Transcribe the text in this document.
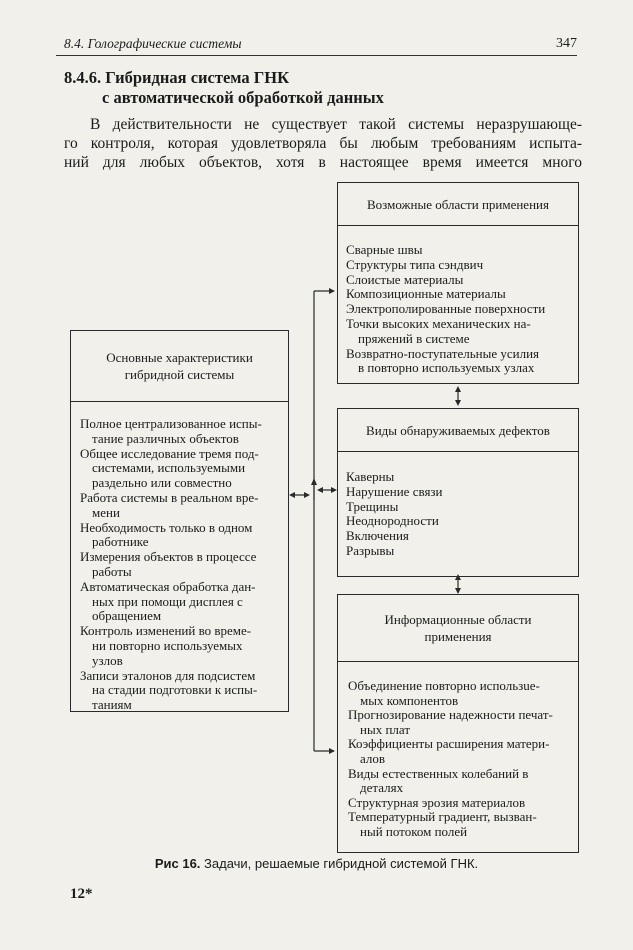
8.4. Голографические системы	347
8.4.6. Гибридная система ГНК
с автоматической обработкой данных
В действительности не существует такой системы неразрушающе-
го контроля, которая удовлетворяла бы любым требованиям испыта-
ний для любых объектов, хотя в настоящее время имеется много
Основные характеристики
гибридной системы
Полное централизованное испы-
тание различных объектов
Общее исследование тремя под-
системами, используемыми
раздельно или совместно
Работа системы в реальном вре-
мени
Необходимость только в одном
работнике
Измерения объектов в процессе
работы
Автоматическая обработка дан-
ных при помощи дисплея с
обращением
Контроль изменений во време-
ни повторно используемых
узлов
Записи эталонов для подсистем
на стадии подготовки к испы-
таниям
Возможные области применения
Сварные швы
Структуры типа сэндвич
Слоистые материалы
Композиционные материалы
Электрополированные поверхности
Точки высоких механических на-
пряжений в системе
Возвратно-поступательные усилия
в повторно используемых узлах
Виды обнаруживаемых дефектов
Каверны
Нарушение связи
Трещины
Неоднородности
Включения
Разрывы
Информационные области
применения
Объединение повторно использue-
мых компонентов
Прогнозирование надежности печат-
ных плат
Коэффициенты расширения матери-
алов
Виды естественных колебаний в
деталях
Структурная эрозия материалов
Температурный градиент, вызван-
ный потоком полей
Рис 16. Задачи, решаемые гибридной системой ГНК.
12*
